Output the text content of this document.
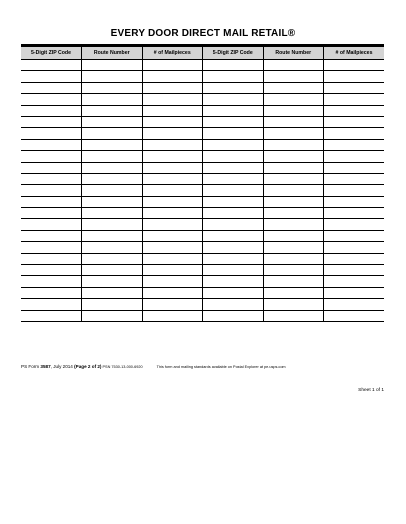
EVERY DOOR DIRECT MAIL RETAIL®
5-Digit ZIP Code	Route Number	# of Mailpieces	5-Digit ZIP Code	Route Number	# of Mailpieces

PS Form 3587, July 2014 (Page 2 of 2) PSN 7530-13-000-6920	This form and mailing standards available on Postal Explorer at pe.usps.com
Sheet 1 of 1
